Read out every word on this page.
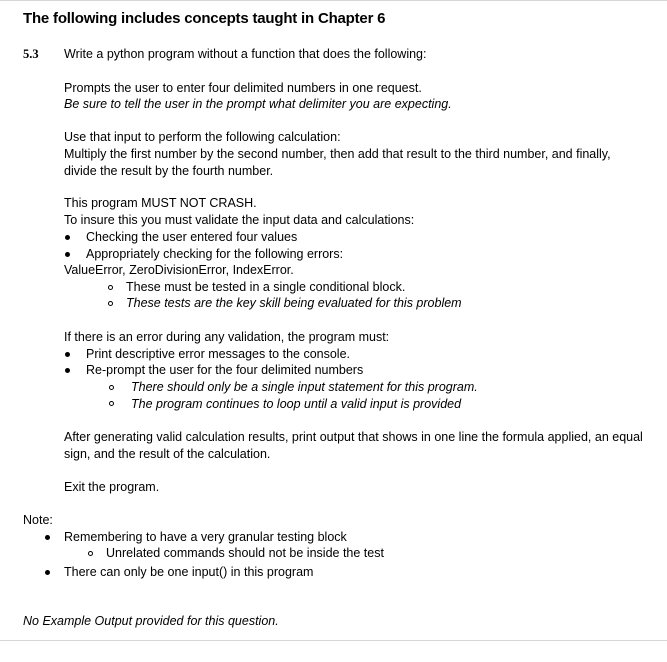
The following includes concepts taught in Chapter 6
5.3 Write a python program without a function that does the following:
Prompts the user to enter four delimited numbers in one request.
Be sure to tell the user in the prompt what delimiter you are expecting.
Use that input to perform the following calculation:
Multiply the first number by the second number, then add that result to the third number, and finally, divide the result by the fourth number.
This program MUST NOT CRASH.
To insure this you must validate the input data and calculations:
Checking the user entered four values
Appropriately checking for the following errors:
ValueError, ZeroDivisionError, IndexError.
These must be tested in a single conditional block.
These tests are the key skill being evaluated for this problem
If there is an error during any validation, the program must:
Print descriptive error messages to the console.
Re-prompt the user for the four delimited numbers
There should only be a single input statement for this program.
The program continues to loop until a valid input is provided
After generating valid calculation results, print output that shows in one line the formula applied, an equal sign, and the result of the calculation.
Exit the program.
Note:
Remembering to have a very granular testing block
Unrelated commands should not be inside the test
There can only be one input() in this program
No Example Output provided for this question.
